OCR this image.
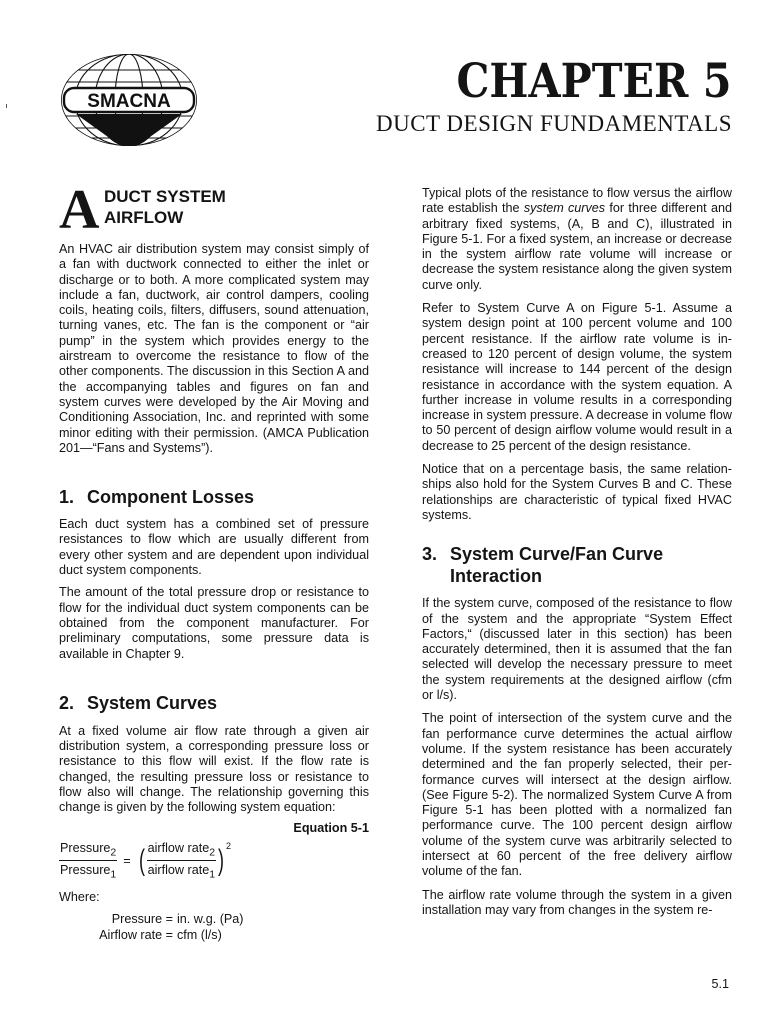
SMACNA	CHAPTER 5
DUCT DESIGN FUNDAMENTALS
A DUCT SYSTEM
AIRFLOW

An HVAC air distribution system may consist simply of a fan with ductwork connected to either the inlet or discharge or to both. A more complicated system may include a fan, ductwork, air control dampers, cooling coils, heating coils, filters, diffusers, sound attenuation, turning vanes, etc. The fan is the component or “air pump” in the system which provides energy to the airstream to overcome the resistance to flow of the other components. The discussion in this Section A and the accompanying tables and figures on fan and system curves were developed by the Air Moving and Conditioning Association, Inc. and reprinted with some minor editing with their permission. (AMCA Publication 201—“Fans and Systems”).

1. Component Losses

Each duct system has a combined set of pressure resistances to flow which are usually different from every other system and are dependent upon individual duct system components.

The amount of the total pressure drop or resistance to flow for the individual duct system components can be obtained from the component manufacturer. For preliminary computations, some pressure data is available in Chapter 9.

2. System Curves

At a fixed volume air flow rate through a given air distribution system, a corresponding pressure loss or resistance to this flow will exist. If the flow rate is changed, the resulting pressure loss or resistance to flow also will change. The relationship governing this change is given by the following system equation:

Equation 5-1
$\frac{Pressure_2}{Pressure_1}$ = ( $\frac{airflow rate_2}{airflow rate_1}$ ) 2
Where:
Pressure = in. w.g. (Pa)
Airflow rate = cfm (l/s)

Typical plots of the resistance to flow versus the airflow rate establish the system curves for three different and arbitrary fixed systems, (A, B and C), illustrated in Figure 5-1. For a fixed system, an increase or decrease in the system airflow rate volume will increase or decrease the system resistance along the given system curve only.

Refer to System Curve A on Figure 5-1. Assume a system design point at 100 percent volume and 100 percent resistance. If the airflow rate volume is increased to 120 percent of design volume, the system resistance will increase to 144 percent of the design resistance in accordance with the system equation. A further increase in volume results in a corresponding increase in system pressure. A decrease in volume flow to 50 percent of design airflow volume would result in a decrease to 25 percent of the design resistance.

Notice that on a percentage basis, the same relationships also hold for the System Curves B and C. These relationships are characteristic of typical fixed HVAC systems.

3. System Curve/Fan Curve
Interaction

If the system curve, composed of the resistance to flow of the system and the appropriate “System Effect Factors,“ (discussed later in this section) has been accurately determined, then it is assumed that the fan selected will develop the necessary pressure to meet the system requirements at the designed airflow (cfm or l/s).

The point of intersection of the system curve and the fan performance curve determines the actual airflow volume. If the system resistance has been accurately determined and the fan properly selected, their performance curves will intersect at the design airflow. (See Figure 5-2). The normalized System Curve A from Figure 5-1 has been plotted with a normalized fan performance curve. The 100 percent design airflow volume of the system curve was arbitrarily selected to intersect at 60 percent of the free delivery airflow volume of the fan.

The airflow rate volume through the system in a given installation may vary from changes in the system re-

5.1
